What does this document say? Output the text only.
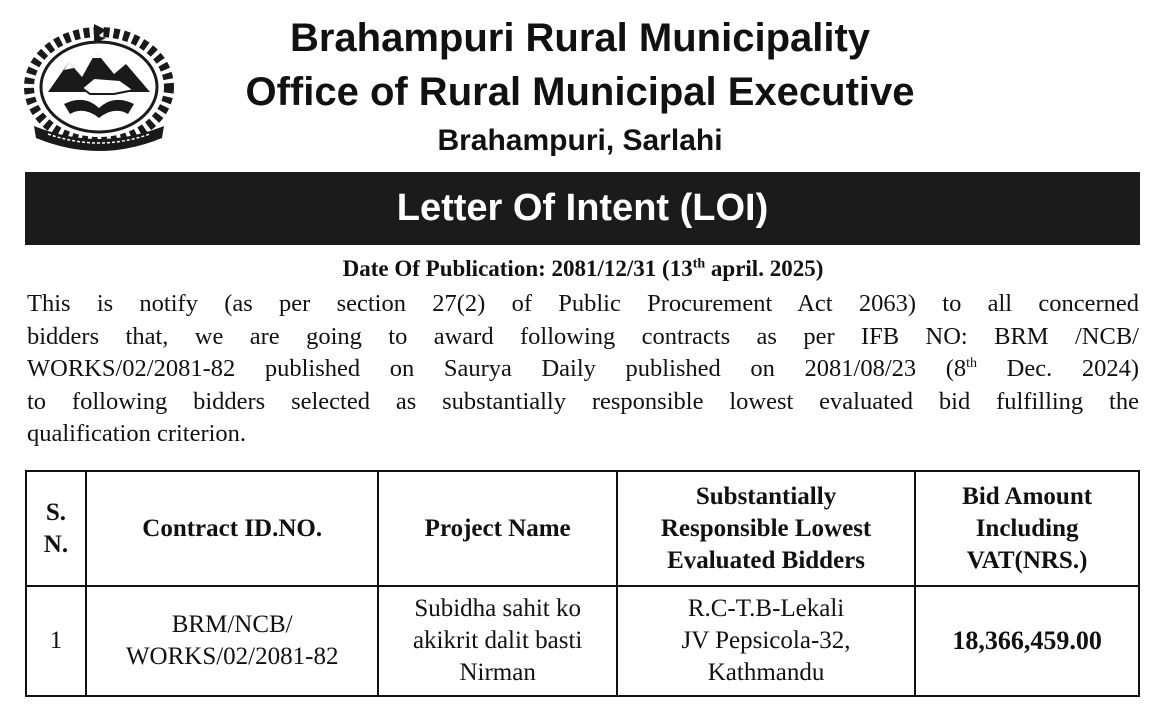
Brahampuri Rural Municipality
Office of Rural Municipal Executive
Brahampuri, Sarlahi
Letter Of Intent (LOI)
Date Of Publication: 2081/12/31 (13th april. 2025)
This is notify (as per section 27(2) of Public Procurement Act 2063) to all concerned
bidders that, we are going to award following contracts as per IFB NO: BRM /NCB/
WORKS/02/2081-82 published on Saurya Daily published on 2081/08/23 (8th Dec. 2024)
to following bidders selected as substantially responsible lowest evaluated bid fulfilling the
qualification criterion.
S.
N.	Contract ID.NO.	Project Name	Substantially
Responsible Lowest
Evaluated Bidders	Bid Amount
Including
VAT(NRS.)
1	BRM/NCB/
WORKS/02/2081-82	Subidha sahit ko
akikrit dalit basti
Nirman	R.C-T.B-Lekali
JV Pepsicola-32,
Kathmandu	18,366,459.00
